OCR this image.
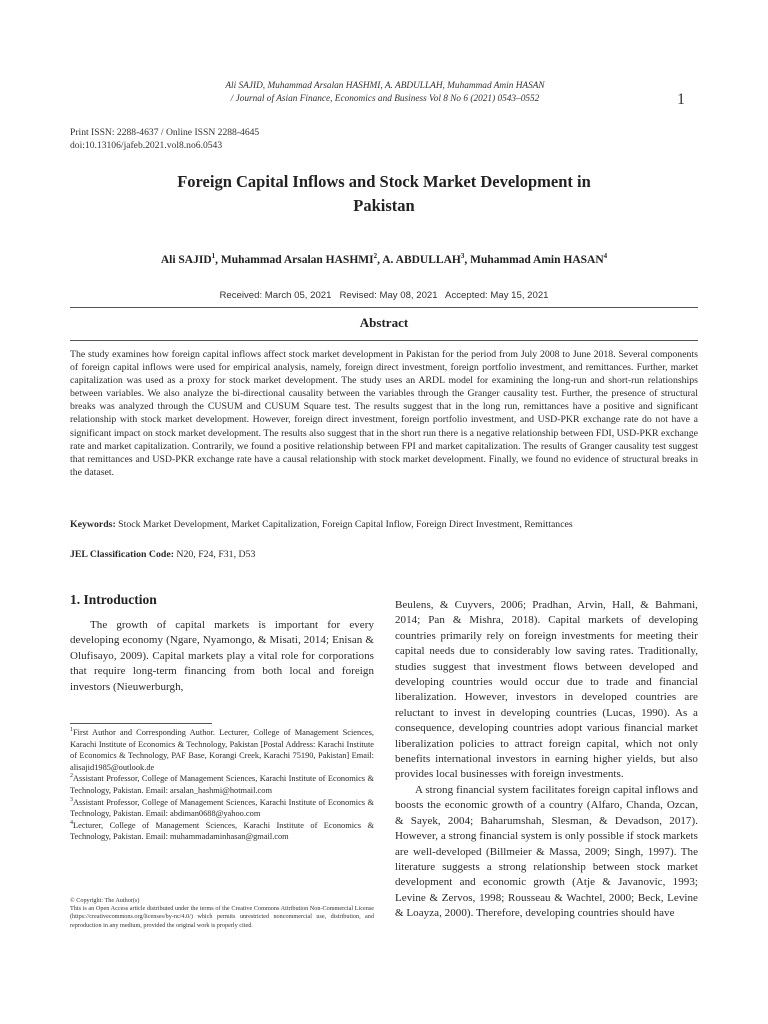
Ali SAJID, Muhammad Arsalan HASHMI, A. ABDULLAH, Muhammad Amin HASAN
/ Journal of Asian Finance, Economics and Business Vol 8 No 6 (2021) 0543–0552	1
Print ISSN: 2288-4637 / Online ISSN 2288-4645
doi:10.13106/jafeb.2021.vol8.no6.0543
Foreign Capital Inflows and Stock Market Development in
Pakistan
Ali SAJID$^1$, Muhammad Arsalan HASHMI$^2$, A. ABDULLAH$^3$, Muhammad Amin HASAN$^4$
Received: March 05, 2021   Revised: May 08, 2021   Accepted: May 15, 2021
Abstract
The study examines how foreign capital inflows affect stock market development in Pakistan for the period from July 2008 to June 2018. Several components of foreign capital inflows were used for empirical analysis, namely, foreign direct investment, foreign portfolio investment, and remittances. Further, market capitalization was used as a proxy for stock market development. The study uses an ARDL model for examining the long-run and short-run relationships between variables. We also analyze the bi-directional causality between the variables through the Granger causality test. Further, the presence of structural breaks was analyzed through the CUSUM and CUSUM Square test. The results suggest that in the long run, remittances have a positive and significant relationship with stock market development. However, foreign direct investment, foreign portfolio investment, and USD-PKR exchange rate do not have a significant impact on stock market development. The results also suggest that in the short run there is a negative relationship between FDI, USD-PKR exchange rate and market capitalization. Contrarily, we found a positive relationship between FPI and market capitalization. The results of Granger causality test suggest that remittances and USD-PKR exchange rate have a causal relationship with stock market development. Finally, we found no evidence of structural breaks in the dataset.
Keywords: Stock Market Development, Market Capitalization, Foreign Capital Inflow, Foreign Direct Investment, Remittances
JEL Classification Code: N20, F24, F31, D53
1. Introduction

The growth of capital markets is important for every developing economy (Ngare, Nyamongo, & Misati, 2014; Enisan & Olufisayo, 2009). Capital markets play a vital role for corporations that require long-term financing from both local and foreign investors (Nieuwerburgh,

$^1$First Author and Corresponding Author. Lecturer, College of Management Sciences, Karachi Institute of Economics & Technology, Pakistan [Postal Address: Karachi Institute of Economics & Technology, PAF Base, Korangi Creek, Karachi 75190, Pakistan] Email: alisajid1985@outlook.de

$^2$Assistant Professor, College of Management Sciences, Karachi Institute of Economics & Technology, Pakistan. Email: arsalan_hashmi@hotmail.com

$^3$Assistant Professor, College of Management Sciences, Karachi Institute of Economics & Technology, Pakistan. Email: abdiman0688@yahoo.com

$^4$Lecturer, College of Management Sciences, Karachi Institute of Economics & Technology, Pakistan. Email: muhammadaminhasan@gmail.com

© Copyright: The Author(s)
This is an Open Access article distributed under the terms of the Creative Commons Attribution Non-Commercial License (https://creativecommons.org/licenses/by-nc/4.0/) which permits unrestricted noncommercial use, distribution, and reproduction in any medium, provided the original work is properly cited.

Beulens, & Cuyvers, 2006; Pradhan, Arvin, Hall, & Bahmani, 2014; Pan & Mishra, 2018). Capital markets of developing countries primarily rely on foreign investments for meeting their capital needs due to considerably low saving rates. Traditionally, studies suggest that investment flows between developed and developing countries would occur due to trade and financial liberalization. However, investors in developed countries are reluctant to invest in developing countries (Lucas, 1990). As a consequence, developing countries adopt various financial market liberalization policies to attract foreign capital, which not only benefits international investors in earning higher yields, but also provides local businesses with foreign investments.

A strong financial system facilitates foreign capital inflows and boosts the economic growth of a country (Alfaro, Chanda, Ozcan, & Sayek, 2004; Baharumshah, Slesman, & Devadson, 2017). However, a strong financial system is only possible if stock markets are well-developed (Billmeier & Massa, 2009; Singh, 1997). The literature suggests a strong relationship between stock market development and economic growth (Atje & Javanovic, 1993; Levine & Zervos, 1998; Rousseau & Wachtel, 2000; Beck, Levine & Loayza, 2000). Therefore, developing countries should have
